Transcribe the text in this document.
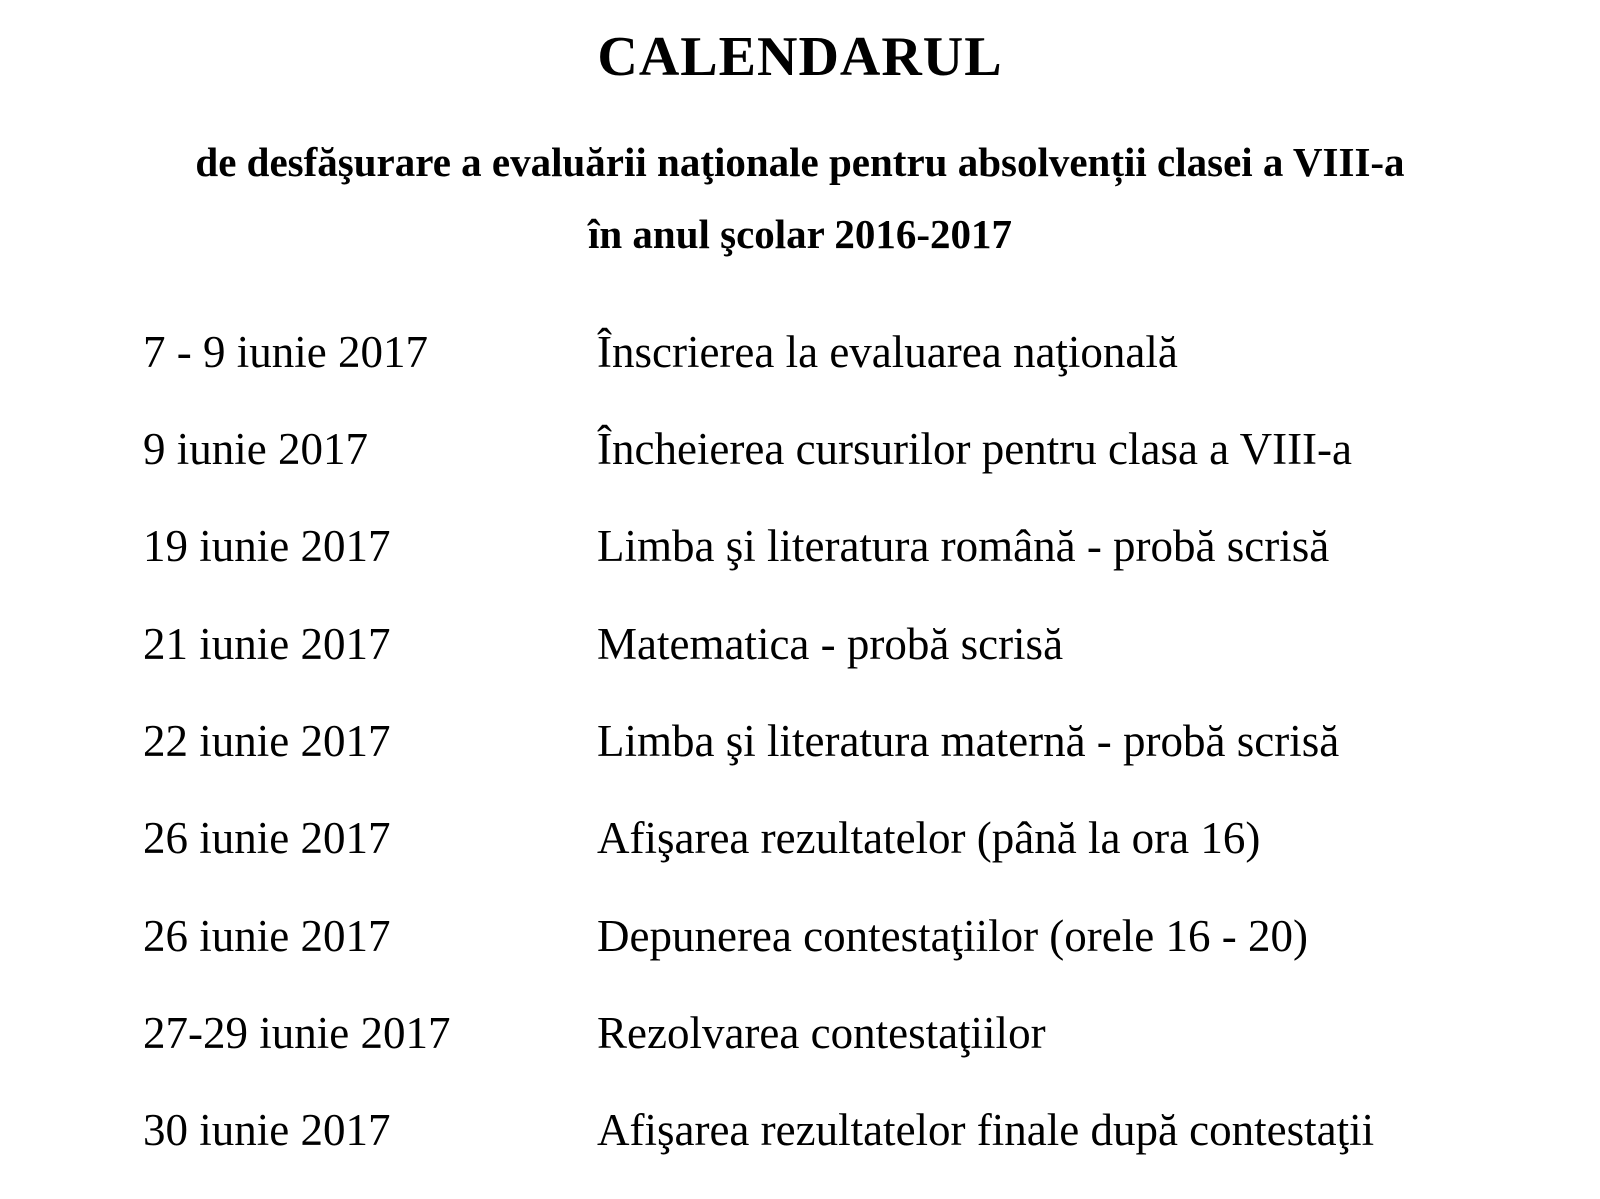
CALENDARUL

de desfăşurare a evaluării naţionale pentru absolvenții clasei a VIII-a

în anul şcolar 2016-2017

7 - 9 iunie 2017	Înscrierea la evaluarea naţională
9 iunie 2017	Încheierea cursurilor pentru clasa a VIII-a
19 iunie 2017	Limba şi literatura română - probă scrisă
21 iunie 2017	Matematica - probă scrisă
22 iunie 2017	Limba şi literatura maternă - probă scrisă
26 iunie 2017	Afişarea rezultatelor (până la ora 16)
26 iunie 2017	Depunerea contestaţiilor (orele 16 - 20)
27-29 iunie 2017	Rezolvarea contestaţiilor
30 iunie 2017	Afişarea rezultatelor finale după contestaţii
